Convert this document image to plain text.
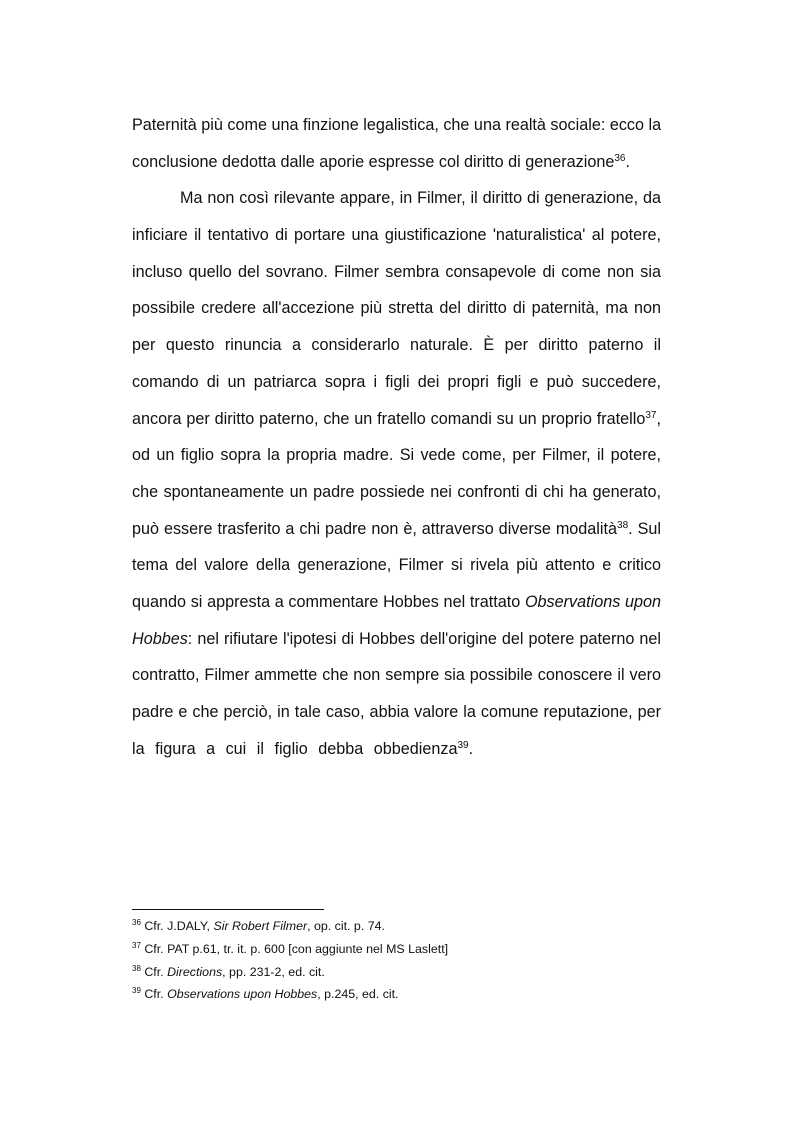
Paternità più come una finzione legalistica, che una realtà sociale: ecco la
conclusione dedotta dalle aporie espresse col diritto di generazione$^{36}$.
Ma non così rilevante appare, in Filmer, il diritto di generazione, da
inficiare il tentativo di portare una giustificazione 'naturalistica' al potere,
incluso quello del sovrano. Filmer sembra consapevole di come non sia
possibile credere all'accezione più stretta del diritto di paternità, ma non
per questo rinuncia a considerarlo naturale. È per diritto paterno il
comando di un patriarca sopra i figli dei propri figli e può succedere,
ancora per diritto paterno, che un fratello comandi su un proprio fratello$^{37}$,
od un figlio sopra la propria madre. Si vede come, per Filmer, il potere,
che spontaneamente un padre possiede nei confronti di chi ha generato,
può essere trasferito a chi padre non è, attraverso diverse modalità$^{38}$. Sul
tema del valore della generazione, Filmer si rivela più attento e critico
quando si appresta a commentare Hobbes nel trattato Observations upon
Hobbes: nel rifiutare l'ipotesi di Hobbes dell'origine del potere paterno nel
contratto, Filmer ammette che non sempre sia possibile conoscere il vero
padre e che perciò, in tale caso, abbia valore la comune reputazione, per
la figura a cui il figlio debba obbedienza$^{39}$.
$^{36}$ Cfr. J.DALY, Sir Robert Filmer, op. cit. p. 74.
$^{37}$ Cfr. PAT p.61, tr. it. p. 600 [con aggiunte nel MS Laslett]
$^{38}$ Cfr. Directions, pp. 231-2, ed. cit.
$^{39}$ Cfr. Observations upon Hobbes, p.245, ed. cit.
